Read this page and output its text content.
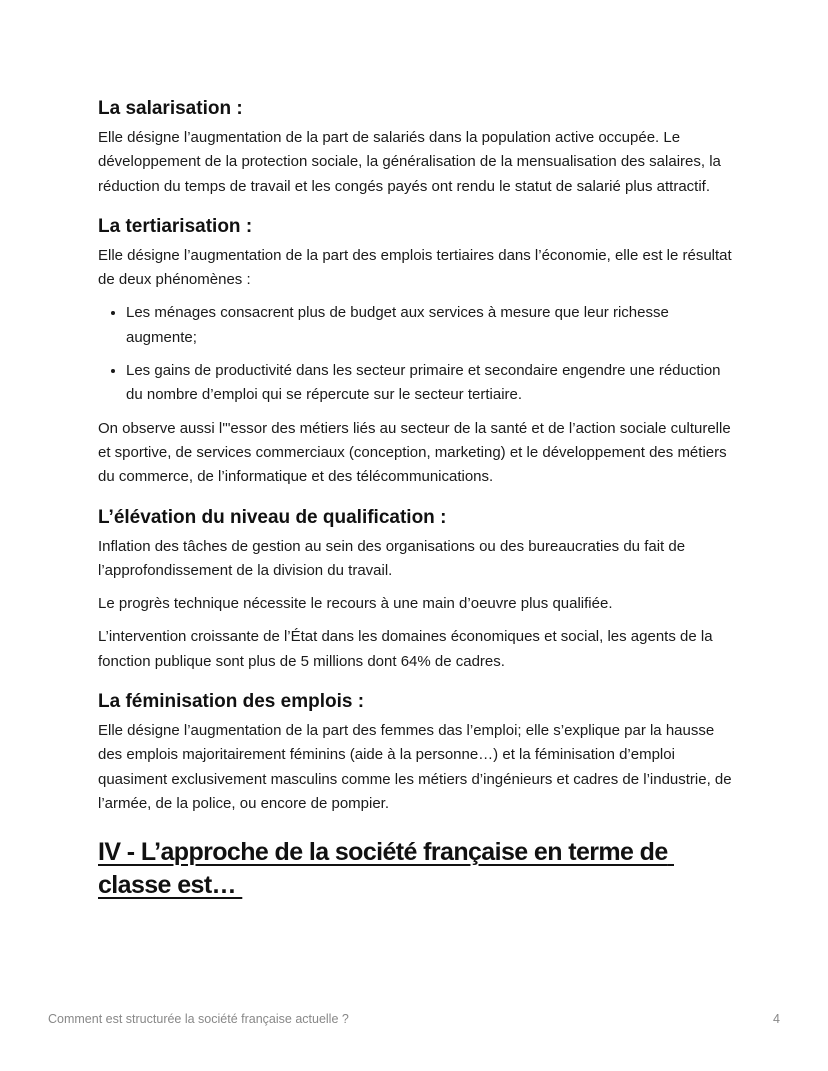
La salarisation :

Elle désigne l’augmentation de la part de salariés dans la population active occupée. Le développement de la protection sociale, la généralisation de la mensualisation des salaires, la réduction du temps de travail et les congés payés ont rendu le statut de salarié plus attractif.

La tertiarisation :

Elle désigne l’augmentation de la part des emplois tertiaires dans l’économie, elle est le résultat de deux phénomènes :

• Les ménages consacrent plus de budget aux services à mesure que leur richesse augmente;
• Les gains de productivité dans les secteur primaire et secondaire engendre une réduction du nombre d’emploi qui se répercute sur le secteur tertiaire.

On observe aussi l'"essor des métiers liés au secteur de la santé et de l’action sociale culturelle et sportive, de services commerciaux (conception, marketing) et le développement des métiers du commerce, de l’informatique et des télécommunications.

L’élévation du niveau de qualification :

Inflation des tâches de gestion au sein des organisations ou des bureaucraties du fait de l’approfondissement de la division du travail.

Le progrès technique nécessite le recours à une main d’oeuvre plus qualifiée.

L’intervention croissante de l’État dans les domaines économiques et social, les agents de la fonction publique sont plus de 5 millions dont 64% de cadres.

La féminisation des emplois :

Elle désigne l’augmentation de la part des femmes das l’emploi; elle s’explique par la hausse des emplois majoritairement féminins (aide à la personne…) et la féminisation d’emploi quasiment exclusivement masculins comme les métiers d’ingénieurs et cadres de l’industrie, de l’armée, de la police, ou encore de pompier.

IV - L’approche de la société française en terme de classe est…
Comment est structurée la société française actuelle ?	4
